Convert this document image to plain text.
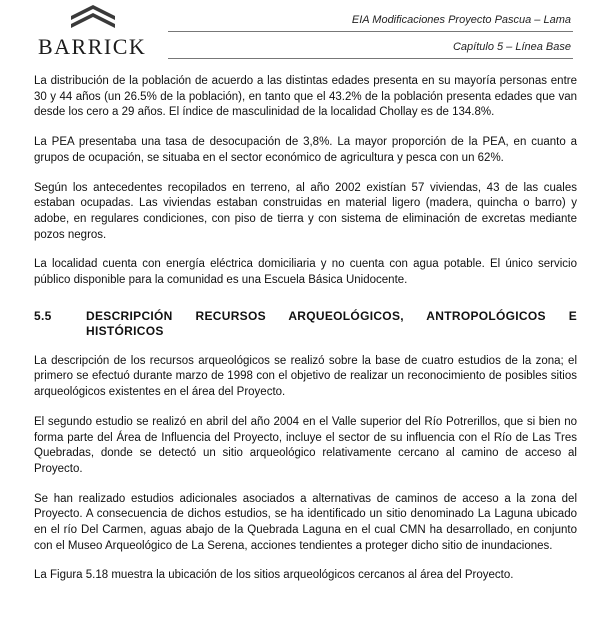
BARRICK
EIA Modificaciones Proyecto Pascua – Lama
Capítulo 5 – Línea Base

La distribución de la población de acuerdo a las distintas edades presenta en su mayoría personas entre 30 y 44 años (un 26.5% de la población), en tanto que el 43.2% de la población presenta edades que van desde los cero a 29 años. El índice de masculinidad de la localidad Chollay es de 134.8%.

La PEA presentaba una tasa de desocupación de 3,8%. La mayor proporción de la PEA, en cuanto a grupos de ocupación, se situaba en el sector económico de agricultura y pesca con un 62%.

Según los antecedentes recopilados en terreno, al año 2002 existían 57 viviendas, 43 de las cuales estaban ocupadas. Las viviendas estaban construidas en material ligero (madera, quincha o barro) y adobe, en regulares condiciones, con piso de tierra y con sistema de eliminación de excretas mediante pozos negros.

La localidad cuenta con energía eléctrica domiciliaria y no cuenta con agua potable. El único servicio público disponible para la comunidad es una Escuela Básica Unidocente.

5.5	DESCRIPCIÓN RECURSOS ARQUEOLÓGICOS, ANTROPOLÓGICOS E HISTÓRICOS

La descripción de los recursos arqueológicos se realizó sobre la base de cuatro estudios de la zona; el primero se efectuó durante marzo de 1998 con el objetivo de realizar un reconocimiento de posibles sitios arqueológicos existentes en el área del Proyecto.

El segundo estudio se realizó en abril del año 2004 en el Valle superior del Río Potrerillos, que si bien no forma parte del Área de Influencia del Proyecto, incluye el sector de su influencia con el Río de Las Tres Quebradas, donde se detectó un sitio arqueológico relativamente cercano al camino de acceso al Proyecto.

Se han realizado estudios adicionales asociados a alternativas de caminos de acceso a la zona del Proyecto. A consecuencia de dichos estudios, se ha identificado un sitio denominado La Laguna ubicado en el río Del Carmen, aguas abajo de la Quebrada Laguna en el cual CMN ha desarrollado, en conjunto con el Museo Arqueológico de La Serena, acciones tendientes a proteger dicho sitio de inundaciones.

La Figura 5.18 muestra la ubicación de los sitios arqueológicos cercanos al área del Proyecto.
